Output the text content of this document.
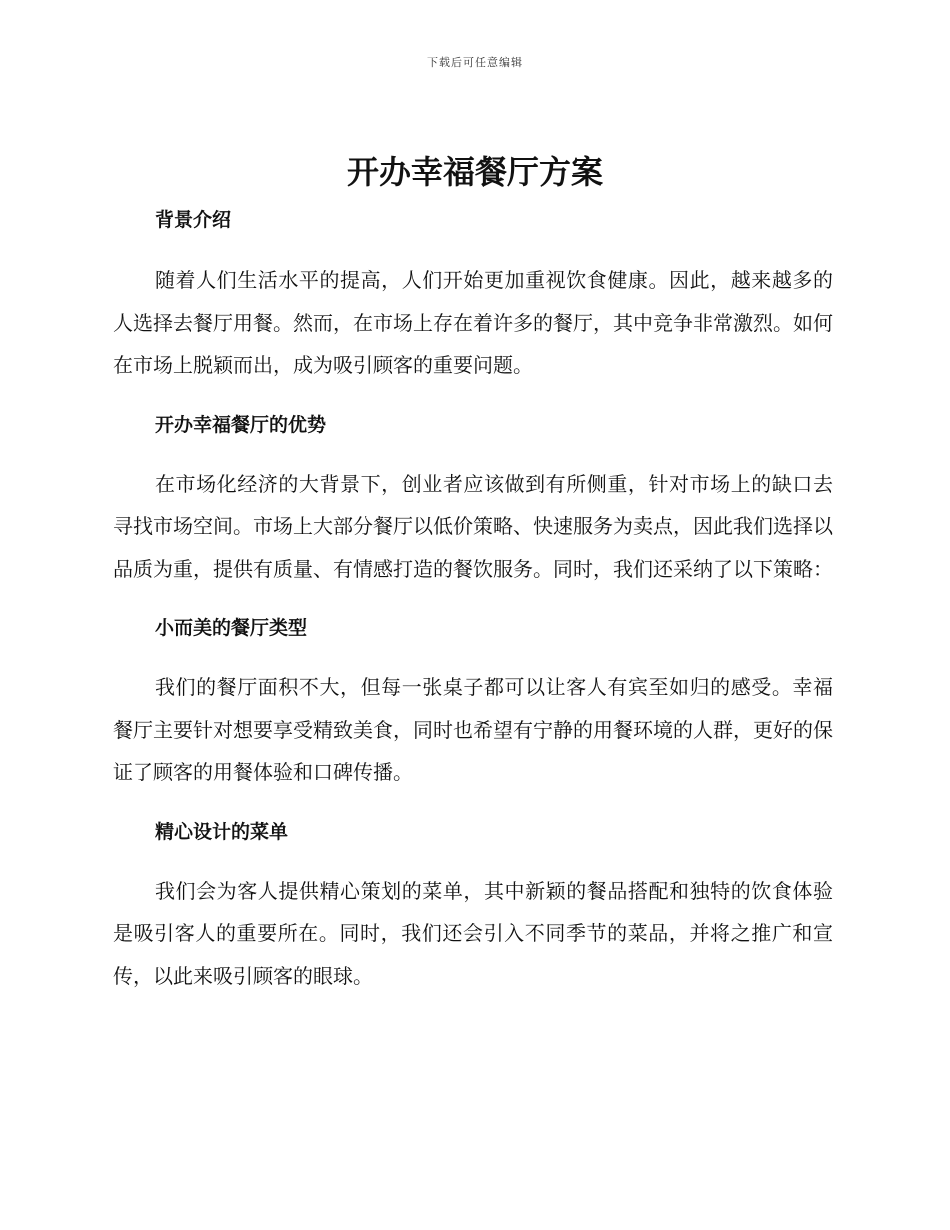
下载后可任意编辑
开办幸福餐厅方案
背景介绍

随着人们生活水平的提高，人们开始更加重视饮食健康。因此，越来越多的人选择去餐厅用餐。然而，在市场上存在着许多的餐厅，其中竞争非常激烈。如何在市场上脱颖而出，成为吸引顾客的重要问题。

开办幸福餐厅的优势

在市场化经济的大背景下，创业者应该做到有所侧重，针对市场上的缺口去寻找市场空间。市场上大部分餐厅以低价策略、快速服务为卖点，因此我们选择以品质为重，提供有质量、有情感打造的餐饮服务。同时，我们还采纳了以下策略：

小而美的餐厅类型

我们的餐厅面积不大，但每一张桌子都可以让客人有宾至如归的感受。幸福餐厅主要针对想要享受精致美食，同时也希望有宁静的用餐环境的人群，更好的保证了顾客的用餐体验和口碑传播。

精心设计的菜单

我们会为客人提供精心策划的菜单，其中新颖的餐品搭配和独特的饮食体验是吸引客人的重要所在。同时，我们还会引入不同季节的菜品，并将之推广和宣传，以此来吸引顾客的眼球。
